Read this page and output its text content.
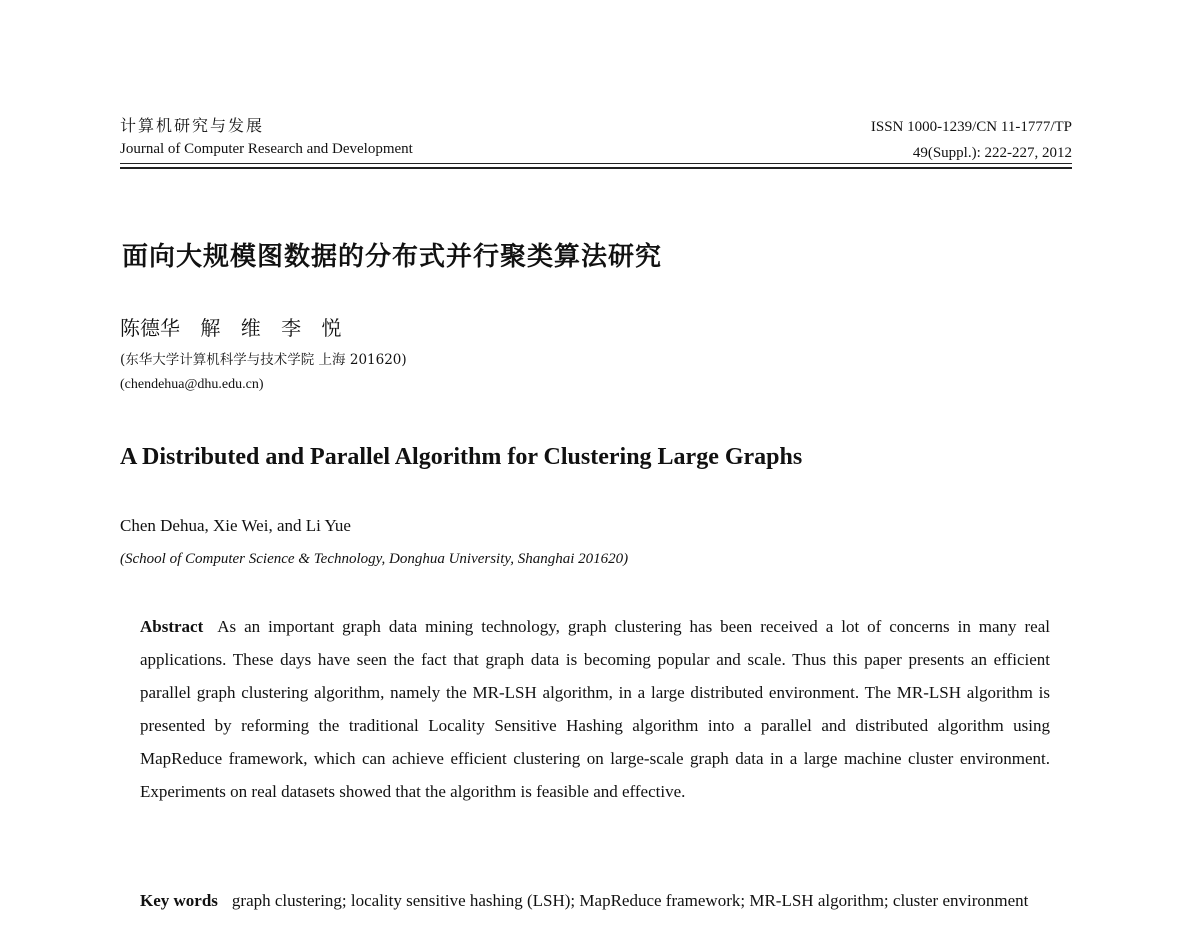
计算机研究与发展
Journal of Computer Research and Development
ISSN 1000-1239/CN 11-1777/TP
49(Suppl.): 222-227, 2012
面向大规模图数据的分布式并行聚类算法研究
陈德华 解 维 李 悦
(东华大学计算机科学与技术学院 上海 201620)
(chendehua@dhu.edu.cn)
A Distributed and Parallel Algorithm for Clustering Large Graphs
Chen Dehua, Xie Wei, and Li Yue
(School of Computer Science & Technology, Donghua University, Shanghai 201620)
Abstract As an important graph data mining technology, graph clustering has been received a lot of concerns in many real applications. These days have seen the fact that graph data is becoming popular and scale. Thus this paper presents an efficient parallel graph clustering algorithm, namely the MR-LSH algorithm, in a large distributed environment. The MR-LSH algorithm is presented by reforming the traditional Locality Sensitive Hashing algorithm into a parallel and distributed algorithm using MapReduce framework, which can achieve efficient clustering on large-scale graph data in a large machine cluster environment. Experiments on real datasets showed that the algorithm is feasible and effective.
Key words graph clustering; locality sensitive hashing (LSH); MapReduce framework; MR-LSH algorithm; cluster environment
